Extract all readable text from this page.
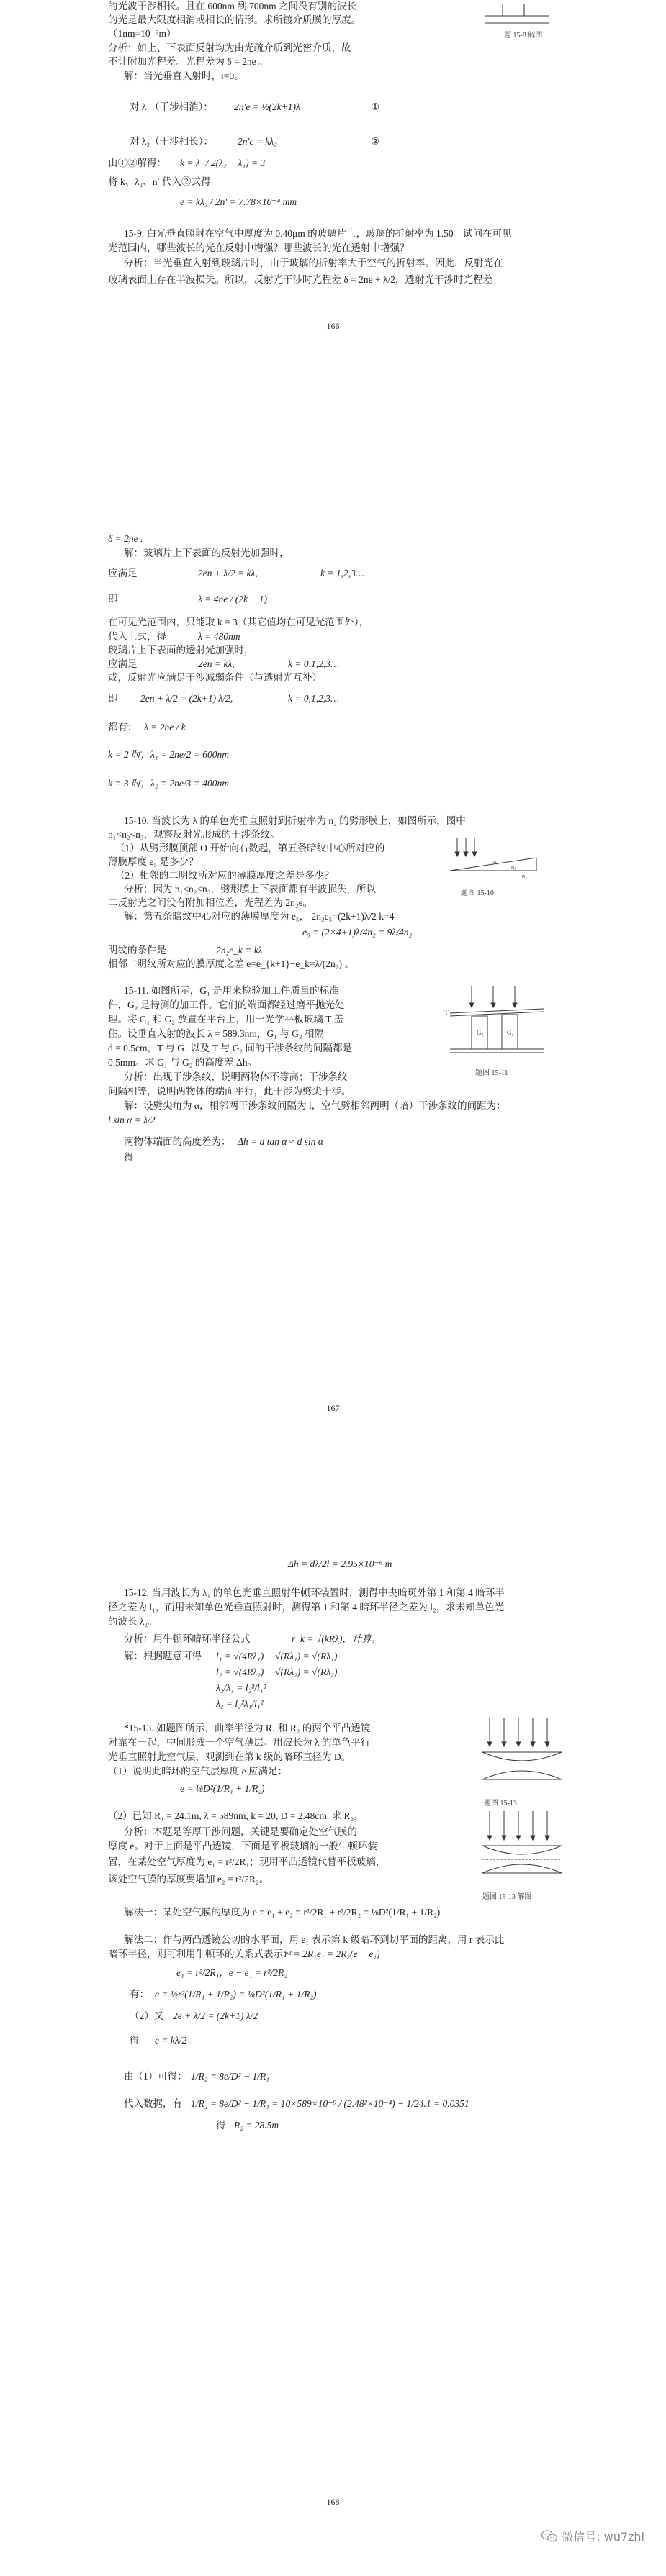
的光波干涉相长。且在 600nm 到 700nm 之间没有别的波长
的光是最大限度相消或相长的情形。求所镀介质膜的厚度。
（1nm=10⁻⁹m）
分析：如上、下表面反射均为由光疏介质到光密介质，故
不计附加光程差。光程差为 δ = 2ne 。
解：当光垂直入射时，i=0。
题 15-8 解图
对 λ₁（干涉相消）： 2n′e = ½(2k+1)λ₁	①
对 λ₂（干涉相长）：	2n′e = kλ₂	②
由①②解得： k = λ₁ / 2(λ₂ − λ₁) = 3
将 k、λ₂、n′ 代入②式得
e = kλ₂ / 2n′ = 7.78×10⁻⁴ mm
15-9. 白光垂直照射在空气中厚度为 0.40μm 的玻璃片上，玻璃的折射率为 1.50。试问在可见
光范围内，哪些波长的光在反射中增强？哪些波长的光在透射中增强？
分析：当光垂直入射到玻璃片时，由于玻璃的折射率大于空气的折射率。因此，反射光在
玻璃表面上存在半波损失。所以，反射光干涉时光程差 δ = 2ne + λ/2，透射光干涉时光程差
166
δ = 2ne .
解：玻璃片上下表面的反射光加强时，
应满足	2en + λ/2 = kλ,	k = 1,2,3…
即	λ = 4ne / (2k − 1)
在可见光范围内，只能取 k = 3（其它值均在可见光范围外），
代入上式，得	λ = 480nm
玻璃片上下表面的透射光加强时，
应满足	2en = kλ,	k = 0,1,2,3…
或，反射光应满足干涉减弱条件（与透射光互补）
即 2en + λ/2 = (2k+1) λ/2,	k = 0,1,2,3…
都有： λ = 2ne / k
k = 2 时，λ₁ = 2ne/2 = 600nm
k = 3 时，λ₂ = 2ne/3 = 400nm
15-10. 当波长为 λ 的单色光垂直照射到折射率为 n₂ 的劈形膜上，如图所示，图中
n₁<n₂<n₃，观察反射光形成的干涉条纹。
（1）从劈形膜顶部 O 开始向右数起，第五条暗纹中心所对应的
薄膜厚度 e₅ 是多少？
（2）相邻的二明纹所对应的薄膜厚度之差是多少？
分析：因为 n₁<n₂<n₃，劈形膜上下表面都有半波损失，所以
二反射光之间没有附加相位差，光程差为 2n₂e。
解：第五条暗纹中心对应的薄膜厚度为 e₅， 2n₂e₅=(2k+1)λ/2 k=4
e₅ = (2×4+1)λ/4n₂ = 9λ/4n₂
明纹的条件是	2n₂e_k = kλ
相邻二明纹所对应的膜厚度之差 e=e_{k+1}−e_k=λ/(2n₂) 。
n₁
n₂
n₃
题图 15-10
15-11. 如图所示，G₁ 是用来检验加工件质量的标准
件，G₂ 是待测的加工件。它们的端面都经过磨平抛光处
理。将 G₁ 和 G₂ 放置在平台上，用一光学平板玻璃 T 盖
住。设垂直入射的波长 λ = 589.3nm，G₁ 与 G₂ 相隔
d = 0.5cm，T 与 G₁ 以及 T 与 G₂ 间的干涉条纹的间隔都是
0.5mm。求 G₁ 与 G₂ 的高度差 Δh。
分析：出现干涉条纹，说明两物体不等高；干涉条纹
间隔相等，说明两物体的端面平行，此干涉为劈尖干涉。
解：设劈尖角为 α，相邻两干涉条纹间隔为 l，空气劈相邻两明（暗）干涉条纹的间距为：
l sin α = λ/2
两物体端面的高度差为： Δh = d tan α ≈ d sin α
得
G₁	G₂
T
题图 15-11
167
Δh = dλ/2l = 2.95×10⁻⁶ m
15-12. 当用波长为 λ₁ 的单色光垂直照射牛顿环装置时，测得中央暗斑外第 1 和第 4 暗环半
径之差为 l₁，而用未知单色光垂直照射时，测得第 1 和第 4 暗环半径之差为 l₂，求未知单色光
的波长 λ₂。
分析：用牛顿环暗环半径公式	r_k = √(kRλ)，计算。
解：根据题意可得 l₁ = √(4Rλ₁) − √(Rλ₁) = √(Rλ₁)
l₂ = √(4Rλ₂) − √(Rλ₂) = √(Rλ₂)
λ₂/λ₁ = l₂²/l₁²
λ₂ = l₂²λ₁/l₁²
*15-13. 如题图所示，曲率半径为 R₁ 和 R₂ 的两个平凸透镜
对靠在一起，中间形成一个空气薄层。用波长为 λ 的单色平行
光垂直照射此空气层，观测到在第 k 级的暗环直径为 D。
（1）说明此暗环的空气层厚度 e 应满足：
e = ⅛D²(1/R₁ + 1/R₂)
（2）已知 R₁ = 24.1m, λ = 589nm, k = 20, D = 2.48cm. 求 R₂。
分析：本题是等厚干涉问题，关键是要确定处空气膜的
厚度 e。对于上面是平凸透镜，下面是平板玻璃的一般牛顿环装
置，在某处空气厚度为 e₁ = r²/2R₁；现用平凸透镜代替平板玻璃，
该处空气膜的厚度要增加 e₂ = r²/2R₂。
题图 15-13
题图 15-13 解图
解法一：某处空气膜的厚度为 e = e₁ + e₂ = r²/2R₁ + r²/2R₂ = ⅛D²(1/R₁ + 1/R₂)
解法二：作与两凸透镜公切的水平面，用 e₁ 表示第 k 级暗环到切平面的距离，用 r 表示此
暗环半径，则可利用牛顿环的关系式表示：
r² = 2R₁e₁ = 2R₂(e − e₁)
e₁ = r²/2R₁，e − e₁ = r²/2R₂
有： e = ½r²(1/R₁ + 1/R₂) = ⅛D²(1/R₁ + 1/R₂)
（2）又 2e + λ/2 = (2k+1) λ/2
得 e = kλ/2
由（1）可得： 1/R₂ = 8e/D² − 1/R₁
代入数据，有 1/R₂ = 8e/D² − 1/R₁ = 10×589×10⁻⁹ / (2.48²×10⁻⁴) − 1/24.1 = 0.0351
得 R₂ = 28.5m
168
微信号: wu7zhi
